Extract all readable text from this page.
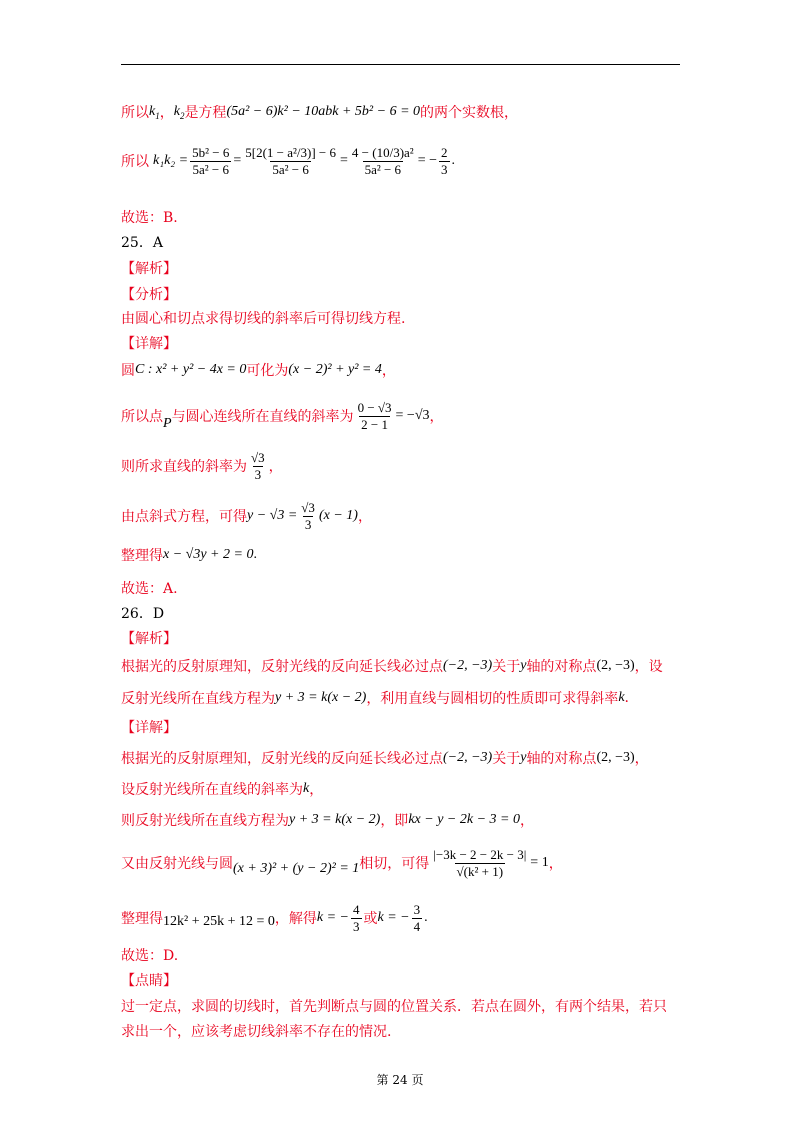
所以 $k_1$ ， $k_2$ 是方程 (5a² − 6)k² − 10abk + 5b² − 6 = 0 的两个实数根，
所以 $k_1k_2 = \frac{\text{5b² − 6}}{\text{5a² − 6}} = \frac{\text{5[2(1 − a²/3)] − 6}}{\text{5a² − 6}} = \frac{\text{4 − (10/3)a²}}{\text{5a² − 6}}$ = − $\frac{2}{3}$ .
故选：B.
25．A
【解析】
【分析】
由圆心和切点求得切线的斜率后可得切线方程.
【详解】
圆 C : x² + y² − 4x = 0 可化为 (x − 2)² + y² = 4 ，
所以点 P 与圆心连线所在直线的斜率为 $\frac{0 - √3}{2 - 1} = -√3$ ，
则所求直线的斜率为 $\frac{√3}{3}$ ，
由点斜式方程，可得 $y - √3 = \frac{√3}{3} (x - 1)$ ，
整理得 x − √3y + 2 = 0 .
故选：A.
26．D
【解析】
根据光的反射原理知，反射光线的反向延长线必过点 (−2, −3) 关于 y 轴的对称点 (2, −3) ，设
反射光线所在直线方程为 y + 3 = k(x − 2) ，利用直线与圆相切的性质即可求得斜率 k .
【详解】
根据光的反射原理知，反射光线的反向延长线必过点 (−2, −3) 关于 y 轴的对称点 (2, −3) ，
设反射光线所在直线的斜率为 k ，
则反射光线所在直线方程为 y + 3 = k(x − 2) ，即 kx − y − 2k − 3 = 0 ，
又由反射光线与圆 (x + 3)² + (y − 2)² = 1 相切，可得 $\frac{|-3k - 2 - 2k - 3|}{\text{√(k² + 1)}} = 1$ ，
整理得 12k² + 25k + 12 = 0 ，解得 k = − $\frac{4}{3}$ 或 k = − $\frac{3}{4}$ .
故选：D.
【点睛】
过一定点，求圆的切线时，首先判断点与圆的位置关系．若点在圆外，有两个结果，若只
求出一个，应该考虑切线斜率不存在的情况.
第 24 页
